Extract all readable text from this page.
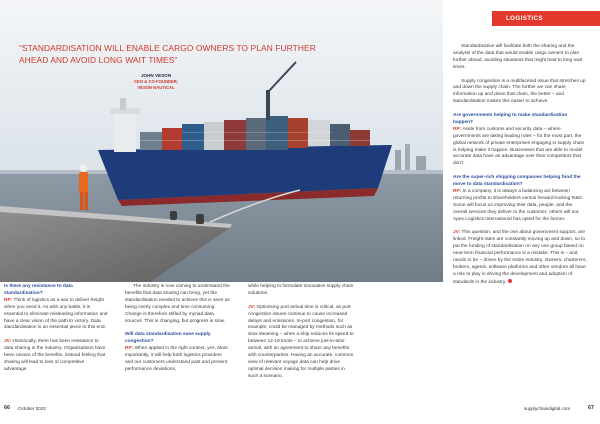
“STANDARDISATION WILL ENABLE CARGO OWNERS TO PLAN FURTHER AHEAD AND AVOID LONG WAIT TIMES”
JOHN VESON
CEO & CO-FOUNDER,
VESON NAUTICAL
LOGISTICS

Is there any resistance to data standardisation?
RP: Think of logistics as a war to deliver freight when you need it. As with any battle, it is essential to eliminate misleading information and have a clear vision of the path to victory. Data standardisation is an essential piece to this end.

JV: Historically, there has been resistance to data sharing in the industry. Organisations have been unsure of the benefits, instead feeling that sharing will lead to loss of competitive advantage.

The industry is now coming to understand the benefits that data sharing can bring, yet the standardisation needed to achieve this is seen as being overly complex and time consuming. Change is therefore stifled by myriad data sources. This is changing, but progress is slow.

Will data standardisation ease supply congestion?
RP: When applied in the right context, yes. Most importantly, it will help both logistics providers and our customers understand past and present performance deviations,

while helping to formulate innovative supply chain solutions.

JV: Optimising port arrival time is critical, as port congestion issues continue to cause increased delays and emissions. In-port congestion, for example, could be managed by methods such as slow steaming – when a ship reduces its speed to between 12-19 knots – to achieve just-in-time arrival, with an agreement to share any benefits with counterparties. Having an accurate, common view of relevant voyage data can help drive optimal decision making for multiple parties in such a scenario.

Standardisation will facilitate both the sharing and the analysis of the data that would enable cargo owners to plan further ahead, avoiding situations that might lead to long wait times.

Supply congestion is a multifaceted issue that stretches up and down the supply chain. The further we can share information up and down that chain, the better – and standardisation makes this easier to achieve.

Are governments helping to make standardisation happen?
RP: Aside from customs and security data – where governments are taking leading roles – for the most part, the global network of private enterprises engaging in supply chain is helping make it happen. Businesses that are able to model accurate data have an advantage over their competitors that don’t.

Are the super-rich shipping companies helping fund the move to data standardisation?
RP: In a company, it is always a balancing act between returning profits to shareholders versus forward-looking R&D. Some will focus on improving their data, people, and the overall services they deliver to the customer; others will not. Apex Logistics International has opted for the former.

JV: This question, and the one about government support, are linked. Freight rates are constantly moving up and down, so to put the funding of standardisation on any one group based on near-term financial performance is a mistake. This is – and needs to be – driven by the entire industry. Owners, charterers, brokers, agents, software platforms and other vendors all have a role to play in driving the development and adoption of standards in the industry.

66 October 2022	supplychaindigital.com	67
